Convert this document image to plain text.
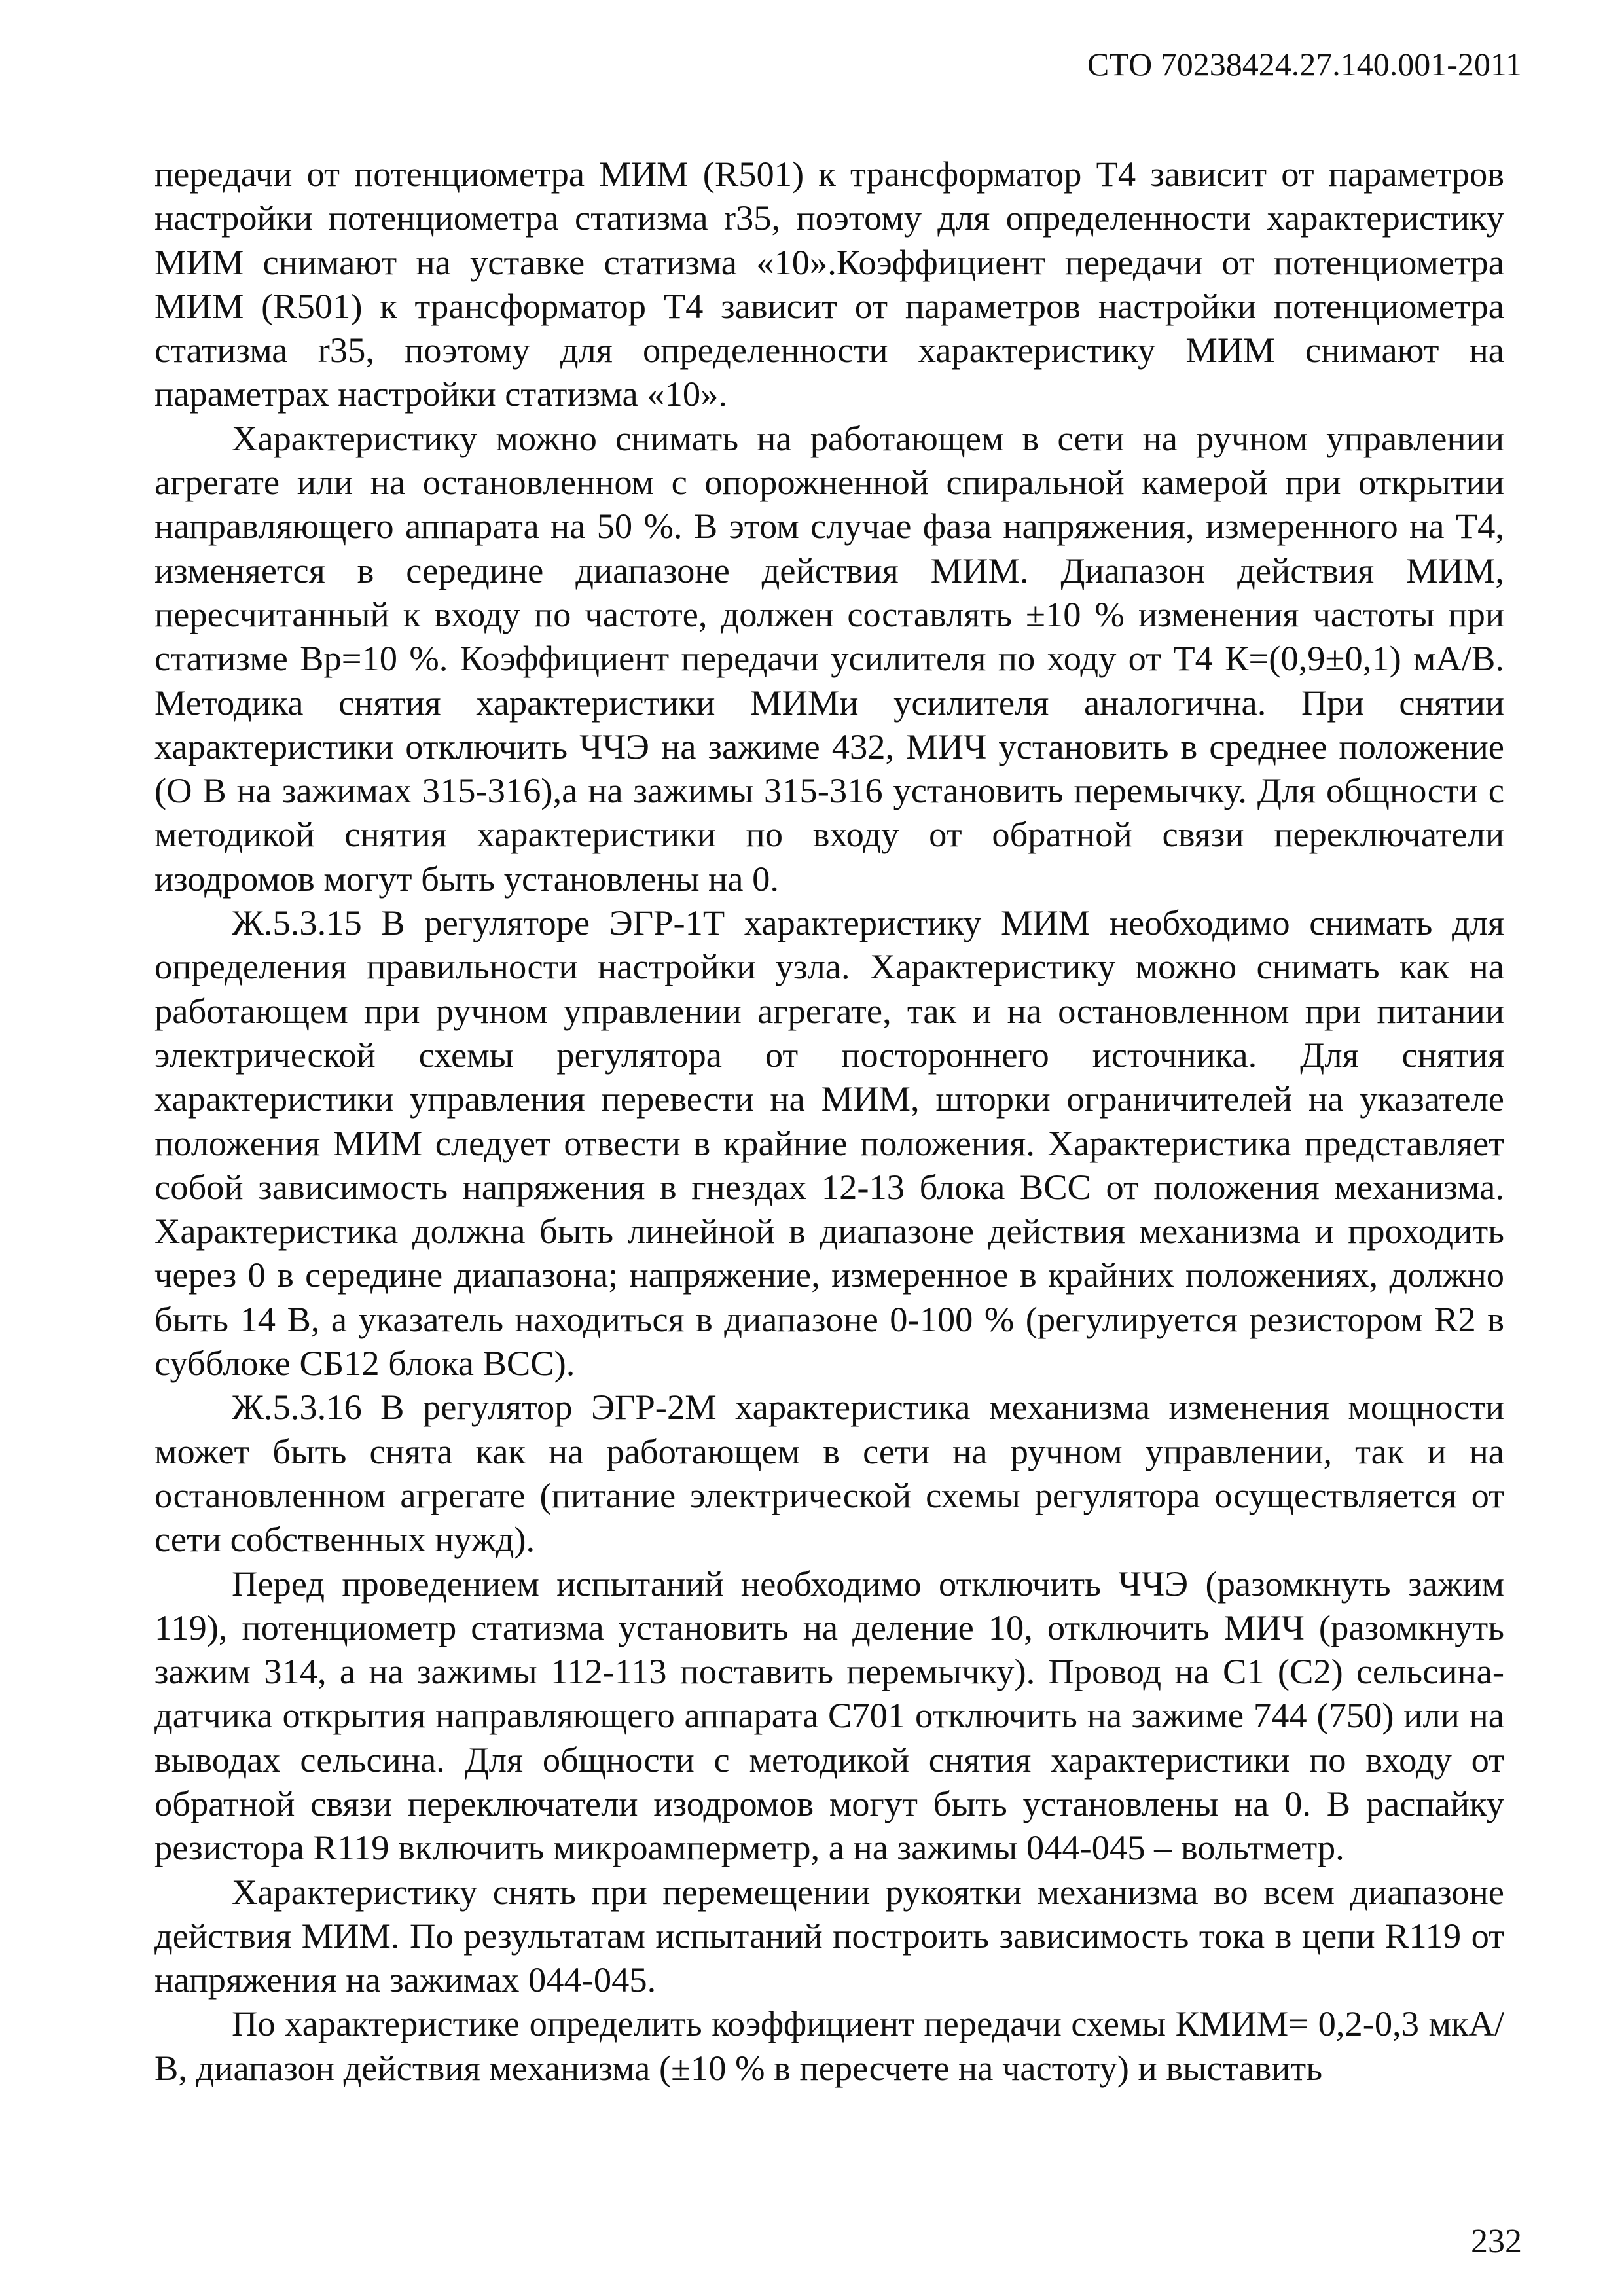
СТО 70238424.27.140.001-2011

передачи от потенциометра МИМ (R501) к трансформатор Т4 зависит от параметров настройки потенциометра статизма r35, поэтому для определенности характеристику МИМ снимают на уставке статизма «10».Коэффициент передачи от потенциометра МИМ (R501) к трансформатор Т4 зависит от параметров настройки потенциометра статизма r35, поэтому для определенности характеристику МИМ снимают на параметрах настройки статизма «10».

Характеристику можно снимать на работающем в сети на ручном управлении агрегате или на остановленном с опорожненной спиральной камерой при открытии направляющего аппарата на 50 %. В этом случае фаза напряжения, измеренного на Т4, изменяется в середине диапазоне действия МИМ. Диапазон действия МИМ, пересчитанный к входу по частоте, должен составлять ±10 % изменения частоты при статизме Вр=10 %. Коэффициент передачи усилителя по ходу от Т4 К=(0,9±0,1) мА/В. Методика снятия характеристики МИМи усилителя аналогична. При снятии характеристики отключить ЧЧЭ на зажиме 432, МИЧ установить в среднее положение (О В на зажимах 315-316),а на зажимы 315-316 установить перемычку. Для общности с методикой снятия характеристики по входу от обратной связи переключатели изодромов могут быть установлены на 0.

Ж.5.3.15 В регуляторе ЭГР-1Т характеристику МИМ необходимо снимать для определения правильности настройки узла. Характеристику можно снимать как на работающем при ручном управлении агрегате, так и на остановленном при питании электрической схемы регулятора от постороннего источника. Для снятия характеристики управления перевести на МИМ, шторки ограничителей на указателе положения МИМ следует отвести в крайние положения. Характеристика представляет собой зависимость напряжения в гнездах 12-13 блока ВСС от положения механизма. Характеристика должна быть линейной в диапазоне действия механизма и проходить через 0 в середине диапазона; напряжение, измеренное в крайних положениях, должно быть 14 В, а указатель находиться в диапазоне 0-100 % (регулируется резистором R2 в субблоке СБ12 блока ВСС).

Ж.5.3.16 В регулятор ЭГР-2М характеристика механизма изменения мощности может быть снята как на работающем в сети на ручном управлении, так и на остановленном агрегате (питание электрической схемы регулятора осуществляется от сети собственных нужд).

Перед проведением испытаний необходимо отключить ЧЧЭ (разомкнуть зажим 119), потенциометр статизма установить на деление 10, отключить МИЧ (разомкнуть зажим 314, а на зажимы 112-113 поставить перемычку). Провод на С1 (С2) сельсина-датчика открытия направляющего аппарата С701 отключить на зажиме 744 (750) или на выводах сельсина. Для общности с методикой снятия характеристики по входу от обратной связи переключатели изодромов могут быть установлены на 0. В распайку резистора R119 включить микроамперметр, а на зажимы 044-045 – вольтметр.

Характеристику снять при перемещении рукоятки механизма во всем диапазоне действия МИМ. По результатам испытаний построить зависимость тока в цепи R119 от напряжения на зажимах 044-045.

По характеристике определить коэффициент передачи схемы КМИМ= 0,2-0,3 мкА/В, диапазон действия механизма (±10 % в пересчете на частоту) и выставить

232
